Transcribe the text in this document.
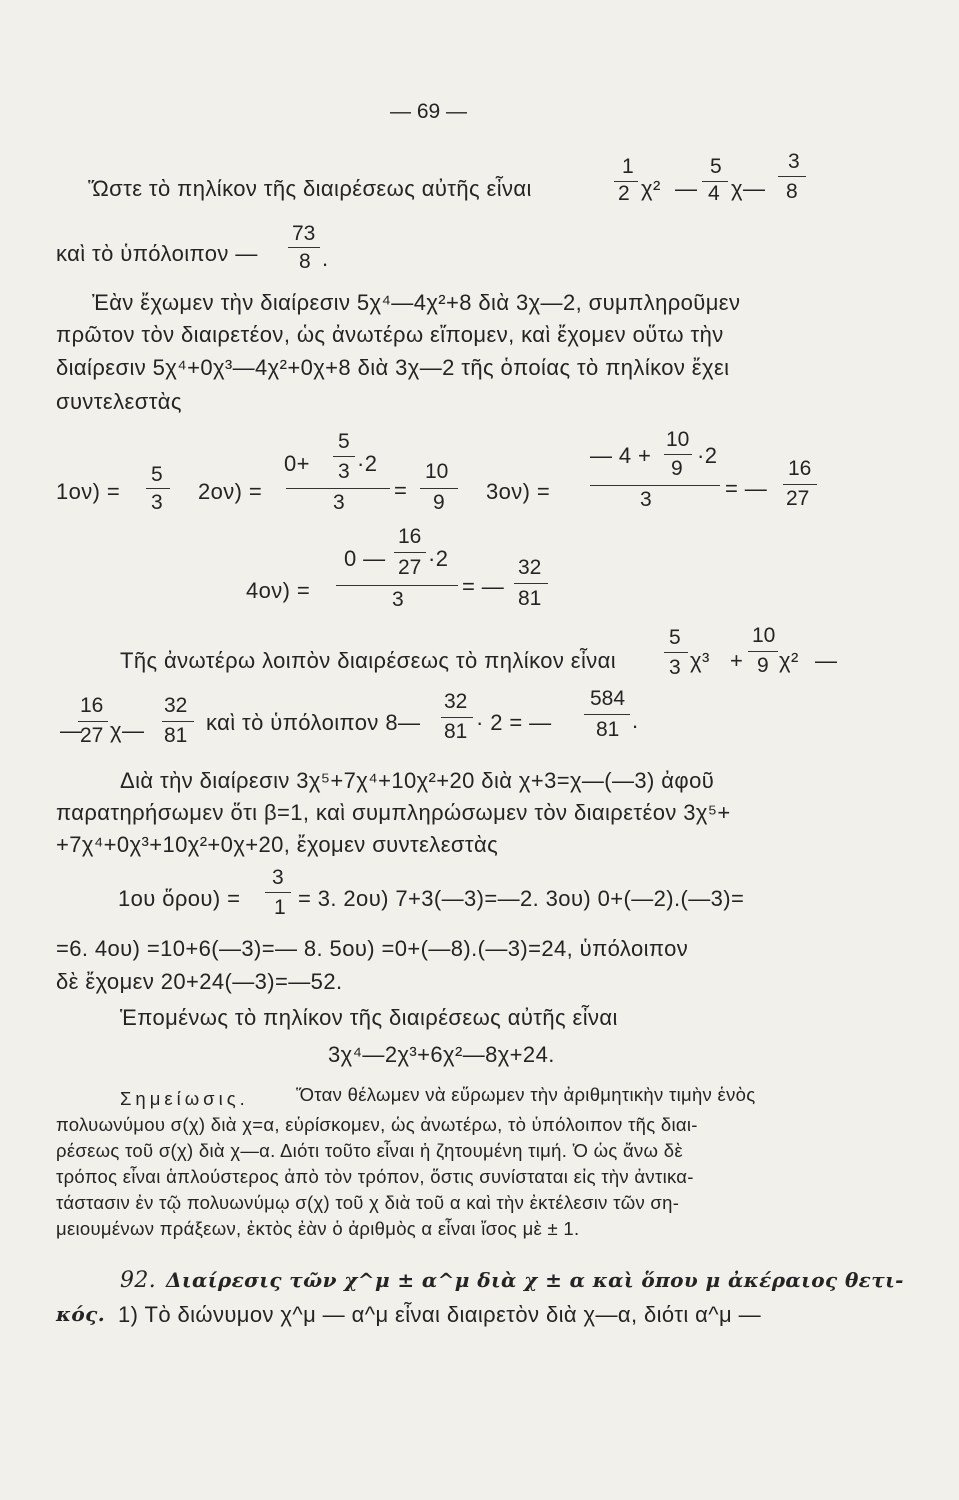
— 69 —
Ὥστε τὸ πηλίκον τῆς διαιρέσεως αὐτῆς εἶναι
1
2 χ² —
5
4 χ—
3
8
καὶ τὸ ὑπόλοιπον —
73
8 .
Ἐὰν ἔχωμεν τὴν διαίρεσιν 5χ⁴—4χ²+8 διὰ 3χ—2, συμπληροῦμεν
πρῶτον τὸν διαιρετέον, ὡς ἀνωτέρω εἴπομεν, καὶ ἔχομεν οὕτω τὴν
διαίρεσιν 5χ⁴+0χ³—4χ²+0χ+8 διὰ 3χ—2 τῆς ὁποίας τὸ πηλίκον ἔχει
συντελεστὰς
1ον) =
5
3 2ον) =
0+
5
3 ·2
3 =
10
9 3ον) =
— 4 +
10
9
·2
3	= —
16
27
4ον) =
0 —
16
27 ·2
3
= —
32
81
Τῆς ἀνωτέρω λοιπὸν διαιρέσεως τὸ πηλίκον εἶναι
5
3 χ³ +
10
9 χ² —
—
16
27 χ—
32
81
καὶ τὸ ὑπόλοιπον 8—
32
81 · 2 = —
584
81 .
Διὰ τὴν διαίρεσιν 3χ⁵+7χ⁴+10χ²+20 διὰ χ+3=χ—(—3) ἀφοῦ
παρατηρήσωμεν ὅτι β=1, καὶ συμπληρώσωμεν τὸν διαιρετέον 3χ⁵+
+7χ⁴+0χ³+10χ²+0χ+20, ἔχομεν συντελεστὰς
1ου ὅρου) =
3
1 = 3. 2ου) 7+3(—3)=—2. 3ου) 0+(—2).(—3)=
=6. 4ου) =10+6(—3)=— 8. 5ου) =0+(—8).(—3)=24, ὑπόλοιπον
δὲ ἔχομεν 20+24(—3)=—52.
Ἑπομένως τὸ πηλίκον τῆς διαιρέσεως αὐτῆς εἶναι
3χ⁴—2χ³+6χ²—8χ+24.
Σημείωσις.	Ὅταν θέλωμεν νὰ εὕρωμεν τὴν ἀριθμητικὴν τιμὴν ἑνὸς
πολυωνύμου σ(χ) διὰ χ=α, εὑρίσκομεν, ὡς ἀνωτέρω, τὸ ὑπόλοιπον τῆς διαι-
ρέσεως τοῦ σ(χ) διὰ χ—α. Διότι τοῦτο εἶναι ἡ ζητουμένη τιμή. Ὁ ὡς ἄνω δὲ
τρόπος εἶναι ἁπλούστερος ἀπὸ τὸν τρόπον, ὅστις συνίσταται εἰς τὴν ἀντικα-
τάστασιν ἐν τῷ πολυωνύμῳ σ(χ) τοῦ χ διὰ τοῦ α καὶ τὴν ἐκτέλεσιν τῶν ση-
μειουμένων πράξεων, ἐκτὸς ἐὰν ὁ ἀριθμὸς α εἶναι ἴσος μὲ ± 1.
92. Διαίρεσις τῶν χ^μ ± α^μ διὰ χ ± α καὶ ὅπου μ ἀκέραιος θετι-
κός. 1) Τὸ διώνυμον χ^μ — α^μ εἶναι διαιρετὸν διὰ χ—α, διότι α^μ —
